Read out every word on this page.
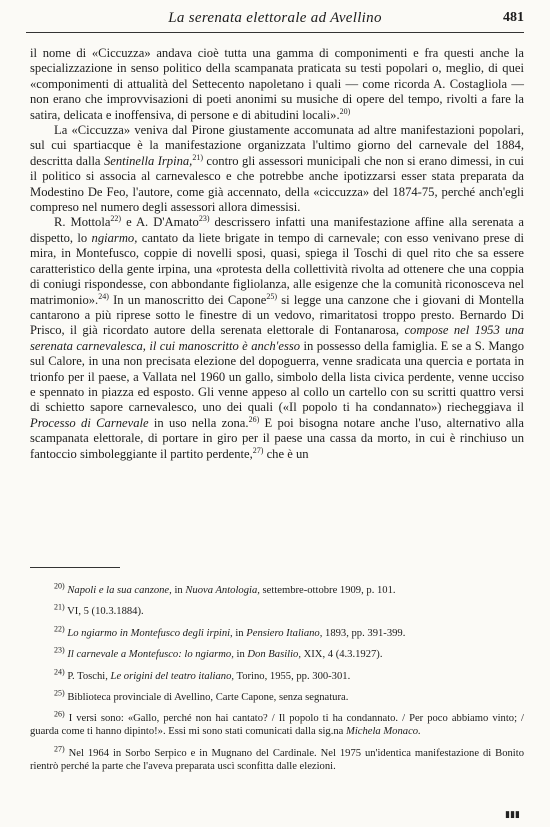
La serenata elettorale ad Avellino	481

il nome di «Ciccuzza» andava cioè tutta una gamma di componimenti e fra questi anche la specializzazione in senso politico della scampanata praticata su testi popolari o, meglio, di quei «componimenti di attualità del Settecento napoletano i quali — come ricorda A. Costagliola — non erano che improvvisazioni di poeti anonimi su musiche di opere del tempo, rivolti a fare la satira, delicata e inoffensiva, di persone e di abitudini locali».$^{20)}$

La «Ciccuzza» veniva dal Pirone giustamente accomunata ad altre manifestazioni popolari, sul cui spartiacque è la manifestazione organizzata l'ultimo giorno del carnevale del 1884, descritta dalla Sentinella Irpina,$^{21)}$ contro gli assessori municipali che non si erano dimessi, in cui il politico si associa al carnevalesco e che potrebbe anche ipotizzarsi esser stata preparata da Modestino De Feo, l'autore, come già accennato, della «ciccuzza» del 1874-75, perché anch'egli compreso nel numero degli assessori allora dimessisi.

R. Mottola$^{22)}$ e A. D'Amato$^{23)}$ descrissero infatti una manifestazione affine alla serenata a dispetto, lo ngiarmo, cantato da liete brigate in tempo di carnevale; con esso venivano prese di mira, in Montefusco, coppie di novelli sposi, quasi, spiega il Toschi di quel rito che sa essere caratteristico della gente irpina, una «protesta della collettività rivolta ad ottenere che una coppia di coniugi rispondesse, con abbondante figliolanza, alle esigenze che la comunità riconosceva nel matrimonio».$^{24)}$ In un manoscritto dei Capone$^{25)}$ si legge una canzone che i giovani di Montella cantarono a più riprese sotto le finestre di un vedovo, rimaritatosi troppo presto. Bernardo Di Prisco, il già ricordato autore della serenata elettorale di Fontanarosa, compose nel 1953 una serenata carnevalesca, il cui manoscritto è anch'esso in possesso della famiglia. E se a S. Mango sul Calore, in una non precisata elezione del dopoguerra, venne sradicata una quercia e portata in trionfo per il paese, a Vallata nel 1960 un gallo, simbolo della lista civica perdente, venne ucciso e spennato in piazza ed esposto. Gli venne appeso al collo un cartello con su scritti quattro versi di schietto sapore carnevalesco, uno dei quali («Il popolo ti ha condannato») riecheggiava il Processo di Carnevale in uso nella zona.$^{26)}$ E poi bisogna notare anche l'uso, alternativo alla scampanata elettorale, di portare in giro per il paese una cassa da morto, in cui è rinchiuso un fantoccio simboleggiante il partito perdente,$^{27)}$ che è un

$^{20)}$ Napoli e la sua canzone, in Nuova Antologia, settembre-ottobre 1909, p. 101.

$^{21)}$ VI, 5 (10.3.1884).

$^{22)}$ Lo ngiarmo in Montefusco degli irpini, in Pensiero Italiano, 1893, pp. 391-399.

$^{23)}$ Il carnevale a Montefusco: lo ngiarmo, in Don Basilio, XIX, 4 (4.3.1927).

$^{24)}$ P. Toschi, Le origini del teatro italiano, Torino, 1955, pp. 300-301.

$^{25)}$ Biblioteca provinciale di Avellino, Carte Capone, senza segnatura.

$^{26)}$ I versi sono: «Gallo, perché non hai cantato? / Il popolo ti ha condannato. / Per poco abbiamo vinto; / guarda come ti hanno dipinto!». Essi mi sono stati comunicati dalla sig.na Michela Monaco.

$^{27)}$ Nel 1964 in Sorbo Serpico e in Mugnano del Cardinale. Nel 1975 un'identica manifestazione di Bonito rientrò perché la parte che l'aveva preparata uscì sconfitta dalle elezioni.

▮▮▮
